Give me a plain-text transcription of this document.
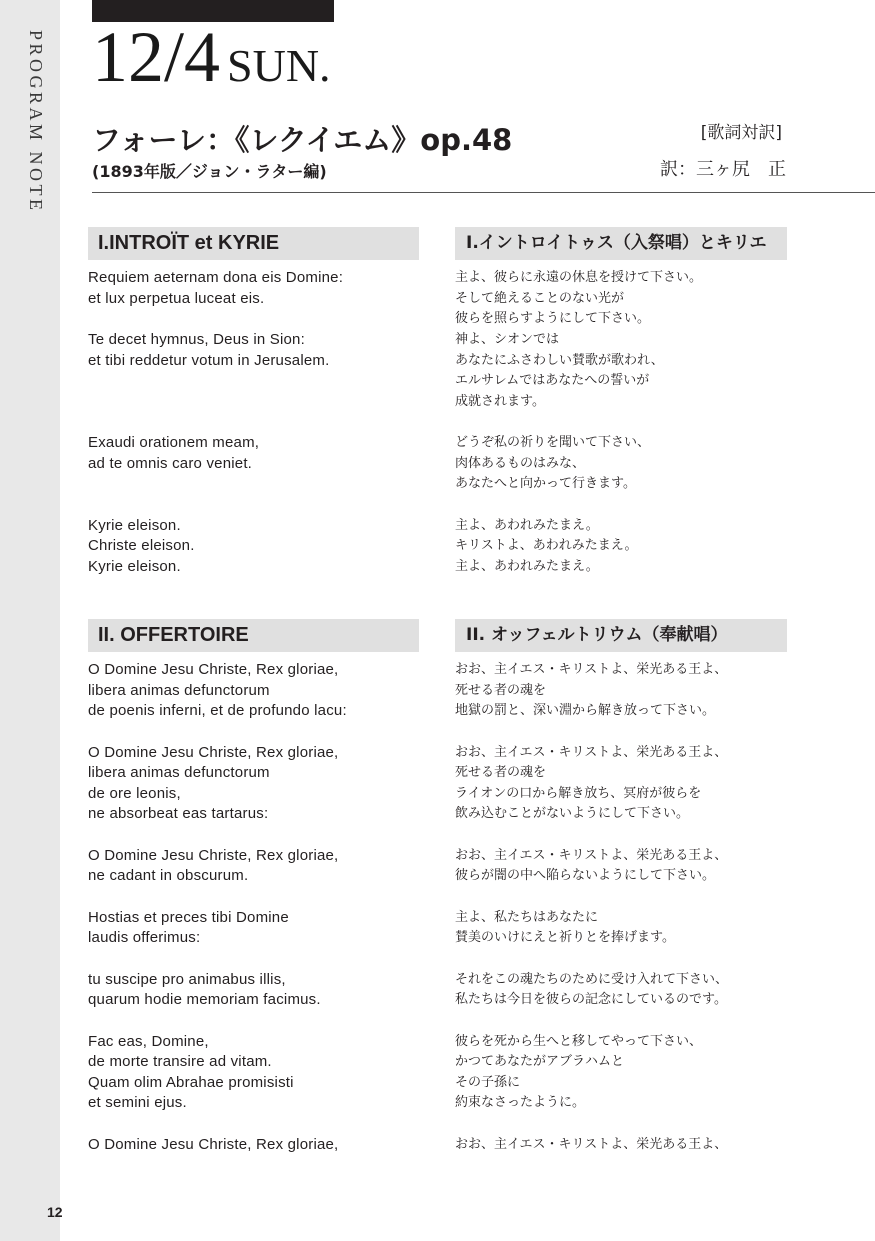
PROGRAM NOTE
12
12/4 SUN.
フォーレ：《レクイエム》op.48
(1893年版／ジョン・ラター編)
[歌詞対訳]
訳：三ヶ尻　正
I.INTROÏT et KYRIE	I.イントロイトゥス（入祭唱）とキリエ
Requiem aeternam dona eis Domine:
et lux perpetua luceat eis.
Te decet hymnus, Deus in Sion:
et tibi reddetur votum in Jerusalem.
Exaudi orationem meam,
ad te omnis caro veniet.
Kyrie eleison.
Christe eleison.
Kyrie eleison.
主よ、彼らに永遠の休息を授けて下さい。
そして絶えることのない光が
彼らを照らすようにして下さい。
神よ、シオンでは
あなたにふさわしい賛歌が歌われ、
エルサレムではあなたへの誓いが
成就されます。
どうぞ私の祈りを聞いて下さい、
肉体あるものはみな、
あなたへと向かって行きます。
主よ、あわれみたまえ。
キリストよ、あわれみたまえ。
主よ、あわれみたまえ。
II. OFFERTOIRE	II. オッフェルトリウム（奉献唱）
O Domine Jesu Christe, Rex gloriae,
libera animas defunctorum
de poenis inferni, et de profundo lacu:
O Domine Jesu Christe, Rex gloriae,
libera animas defunctorum
de ore leonis,
ne absorbeat eas tartarus:
O Domine Jesu Christe, Rex gloriae,
ne cadant in obscurum.
Hostias et preces tibi Domine
laudis offerimus:
tu suscipe pro animabus illis,
quarum hodie memoriam facimus.
Fac eas, Domine,
de morte transire ad vitam.
Quam olim Abrahae promisisti
et semini ejus.
O Domine Jesu Christe, Rex gloriae,
おお、主イエス・キリストよ、栄光ある王よ、
死せる者の魂を
地獄の罰と、深い淵から解き放って下さい。
おお、主イエス・キリストよ、栄光ある王よ、
死せる者の魂を
ライオンの口から解き放ち、冥府が彼らを
飲み込むことがないようにして下さい。
おお、主イエス・キリストよ、栄光ある王よ、
彼らが闇の中へ陥らないようにして下さい。
主よ、私たちはあなたに
賛美のいけにえと祈りとを捧げます。
それをこの魂たちのために受け入れて下さい、
私たちは今日を彼らの記念にしているのです。
彼らを死から生へと移してやって下さい、
かつてあなたがアブラハムと
その子孫に
約束なさったように。
おお、主イエス・キリストよ、栄光ある王よ、
